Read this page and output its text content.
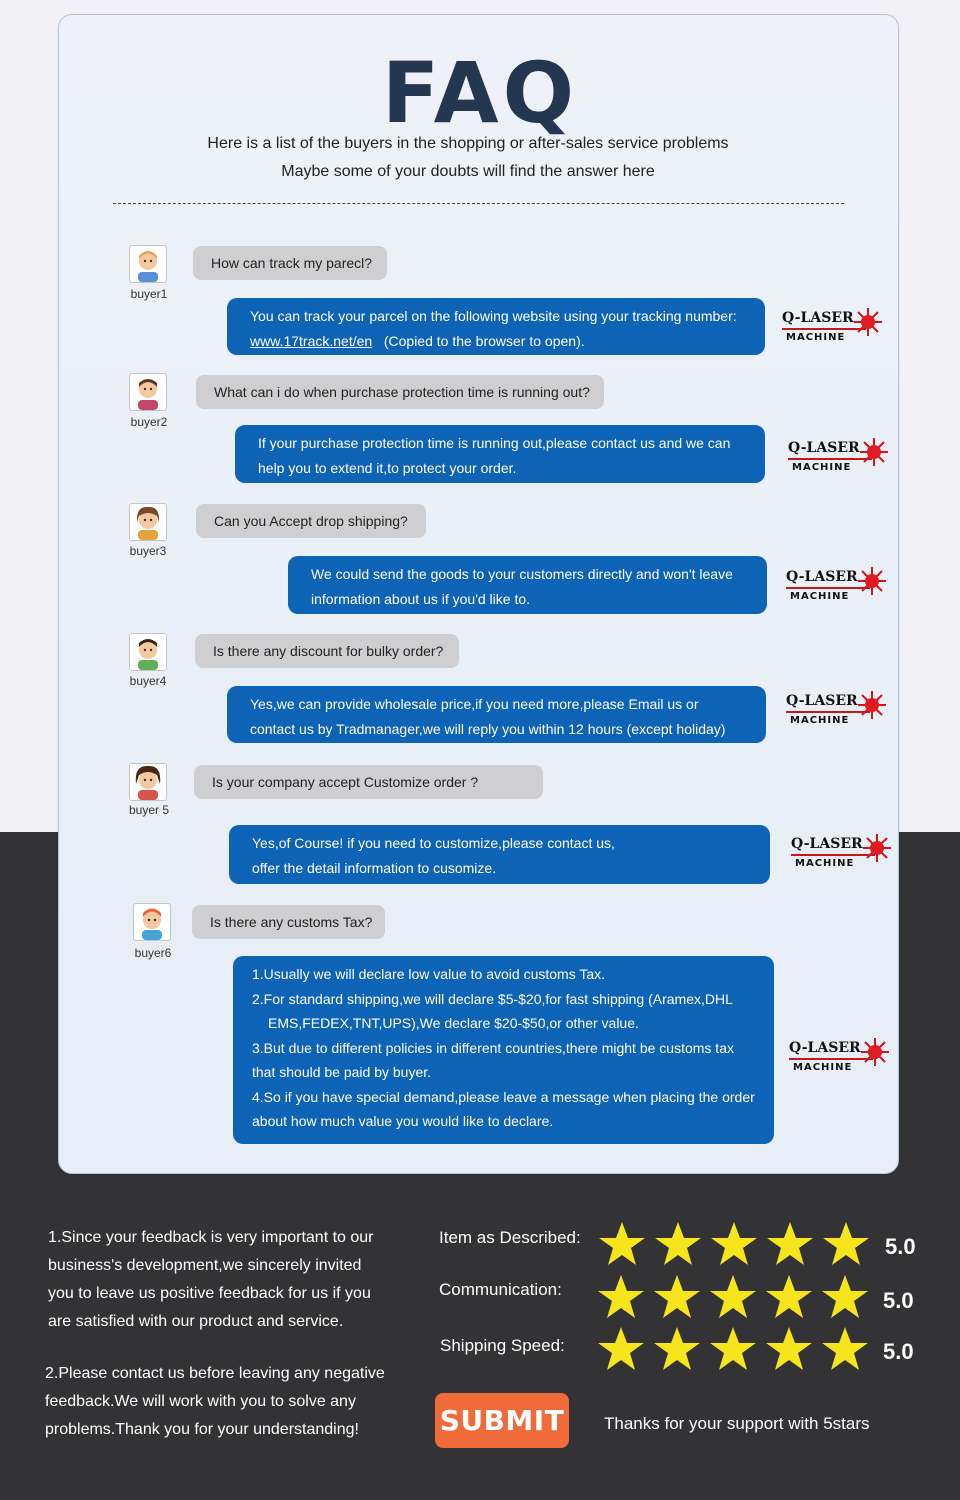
FAQ
Here is a list of the buyers in the shopping or after-sales service problems
Maybe some of your doubts will find the answer here
buyer1
How can track my parecl?
You can track your parcel on the following website using your tracking number:
www.17track.net/en (Copied to the browser to open).
buyer2
What can i do when purchase protection time is running out?
If your purchase protection time is running out,please contact us and we can
help you to extend it,to protect your order.
buyer3
Can you Accept drop shipping?
We could send the goods to your customers directly and won't leave
information about us if you'd like to.
buyer4
Is there any discount for bulky order?
Yes,we can provide wholesale price,if you need more,please Email us or
contact us by Tradmanager,we will reply you within 12 hours (except holiday)
buyer 5
Is your company accept Customize order ?
Yes,of Course! if you need to customize,please contact us,
offer the detail information to cusomize.
buyer6
Is there any customs Tax?
1.Usually we will declare low value to avoid customs Tax.
2.For standard shipping,we will declare $5-$20,for fast shipping (Aramex,DHL
EMS,FEDEX,TNT,UPS),We declare $20-$50,or other value.
3.But due to different policies in different countries,there might be customs tax
that should be paid by buyer.
4.So if you have special demand,please leave a message when placing the order
about how much value you would like to declare.
Q-LASER
MACHINE
Q-LASER
MACHINE
Q-LASER
MACHINE
Q-LASER
MACHINE
Q-LASER
MACHINE
Q-LASER
MACHINE
1.Since your feedback is very important to our
business's development,we sincerely invited
you to leave us positive feedback for us if you
are satisfied with our product and service.
2.Please contact us before leaving any negative
feedback.We will work with you to solve any
problems.Thank you for your understanding!
Item as Described:	5.0
Communication:	5.0
Shipping Speed:	5.0
SUBMIT Thanks for your support with 5stars
